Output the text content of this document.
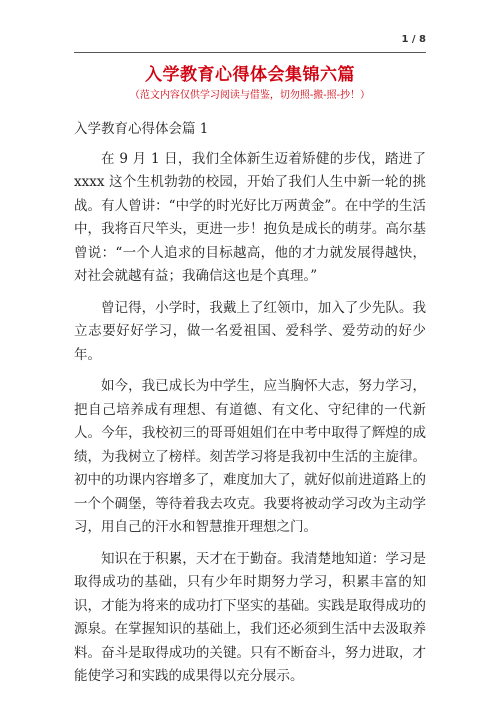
1 / 8
入学教育心得体会集锦六篇
（范文内容仅供学习阅读与借鉴，切勿照-搬-照-抄！）

入学教育心得体会篇 1

在 9 月 1 日，我们全体新生迈着矫健的步伐，踏进了 xxxx 这个生机勃勃的校园，开始了我们人生中新一轮的挑战。有人曾讲：“中学的时光好比万两黄金”。在中学的生活中，我将百尺竿头，更进一步！抱负是成长的萌芽。高尔基曾说：“一个人追求的目标越高，他的才力就发展得越快，对社会就越有益；我确信这也是个真理。”

曾记得，小学时，我戴上了红领巾，加入了少先队。我立志要好好学习，做一名爱祖国、爱科学、爱劳动的好少年。

如今，我已成长为中学生，应当胸怀大志，努力学习，把自己培养成有理想、有道德、有文化、守纪律的一代新人。今年，我校初三的哥哥姐姐们在中考中取得了辉煌的成绩，为我树立了榜样。刻苦学习将是我初中生活的主旋律。初中的功课内容增多了，难度加大了，就好似前进道路上的一个个碉堡，等待着我去攻克。我要将被动学习改为主动学习，用自己的汗水和智慧推开理想之门。

知识在于积累，天才在于勤奋。我清楚地知道：学习是取得成功的基础，只有少年时期努力学习，积累丰富的知识，才能为将来的成功打下坚实的基础。实践是取得成功的源泉。在掌握知识的基础上，我们还必须到生活中去汲取养料。奋斗是取得成功的关键。只有不断奋斗，努力进取，才能使学习和实践的成果得以充分展示。
